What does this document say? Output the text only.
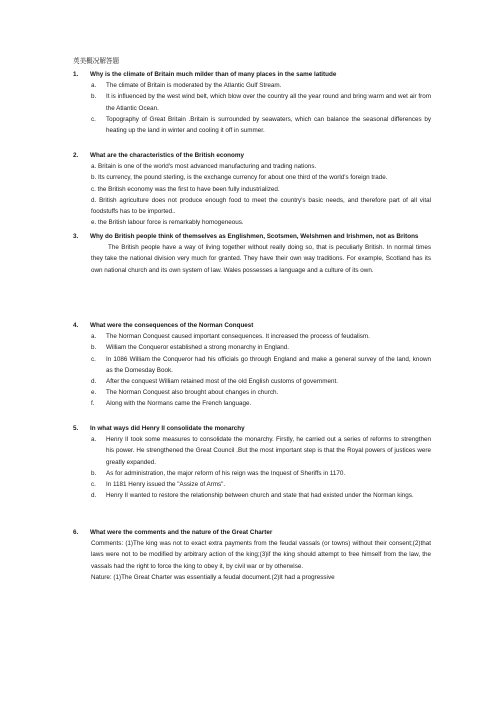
英美概况解答题
1.	Why is the climate of Britain much milder than of many places in the same latitude
a.	The climate of Britain is moderated by the Atlantic Gulf Stream.
b.	It is influenced by the west wind belt, which blow over the country all the year round and bring warm and wet air from the Atlantic Ocean.
c.	Topography of Great Britain .Britain is surrounded by seawaters, which can balance the seasonal differences by heating up the land in winter and cooling it off in summer.
2.	What are the characteristics of the British economy
a. Britain is one of the world's most advanced manufacturing and trading nations.
b. Its currency, the pound sterling, is the exchange currency for about one third of the world's foreign trade.
c. the British economy was the first to have been fully industrialized.
d. British agriculture does not produce enough food to meet the country's basic needs, and therefore part of all vital foodstuffs has to be imported..
e. the British labour force is remarkably homogeneous.
3.	Why do British people think of themselves as Englishmen, Scotsmen, Welshmen and Irishmen, not as Britons
The British people have a way of living together without really doing so, that is peculiarly British. In normal times they take the national division very much for granted. They have their own way traditions. For example, Scotland has its own national church and its own system of law. Wales possesses a language and a culture of its own.
4.	What were the consequences of the Norman Conquest
a.	The Norman Conquest caused important consequences. It increased the process of feudalism.
b.	William the Conqueror established a strong monarchy in England.
c.	In 1086 William the Conqueror had his officials go through England and make a general survey of the land, known as the Domesday Book.
d.	After the conquest William retained most of the old English customs of government.
e.	The Norman Conquest also brought about changes in church.
f.	Along with the Normans came the French language.
5.	In what ways did Henry II consolidate the monarchy
a.	Henry II took some measures to consolidate the monarchy. Firstly, he carried out a series of reforms to strengthen his power. He strengthened the Great Council .But the most important step is that the Royal powers of justices were greatly expanded.
b.	As for administration, the major reform of his reign was the Inquest of Sheriffs in 1170.
c.	In 1181 Henry issued the "Assize of Arms".
d.	Henry II wanted to restore the relationship between church and state that had existed under the Norman kings.
6.	What were the comments and the nature of the Great Charter
Comments: (1)The king was not to exact extra payments from the feudal vassals (or towns) without their consent;(2)that laws were not to be modified by arbitrary action of the king;(3)if the king should attempt to free himself from the law, the vassals had the right to force the king to obey it, by civil war or by otherwise.
Nature: (1)The Great Charter was essentially a feudal document.(2)It had a progressive
